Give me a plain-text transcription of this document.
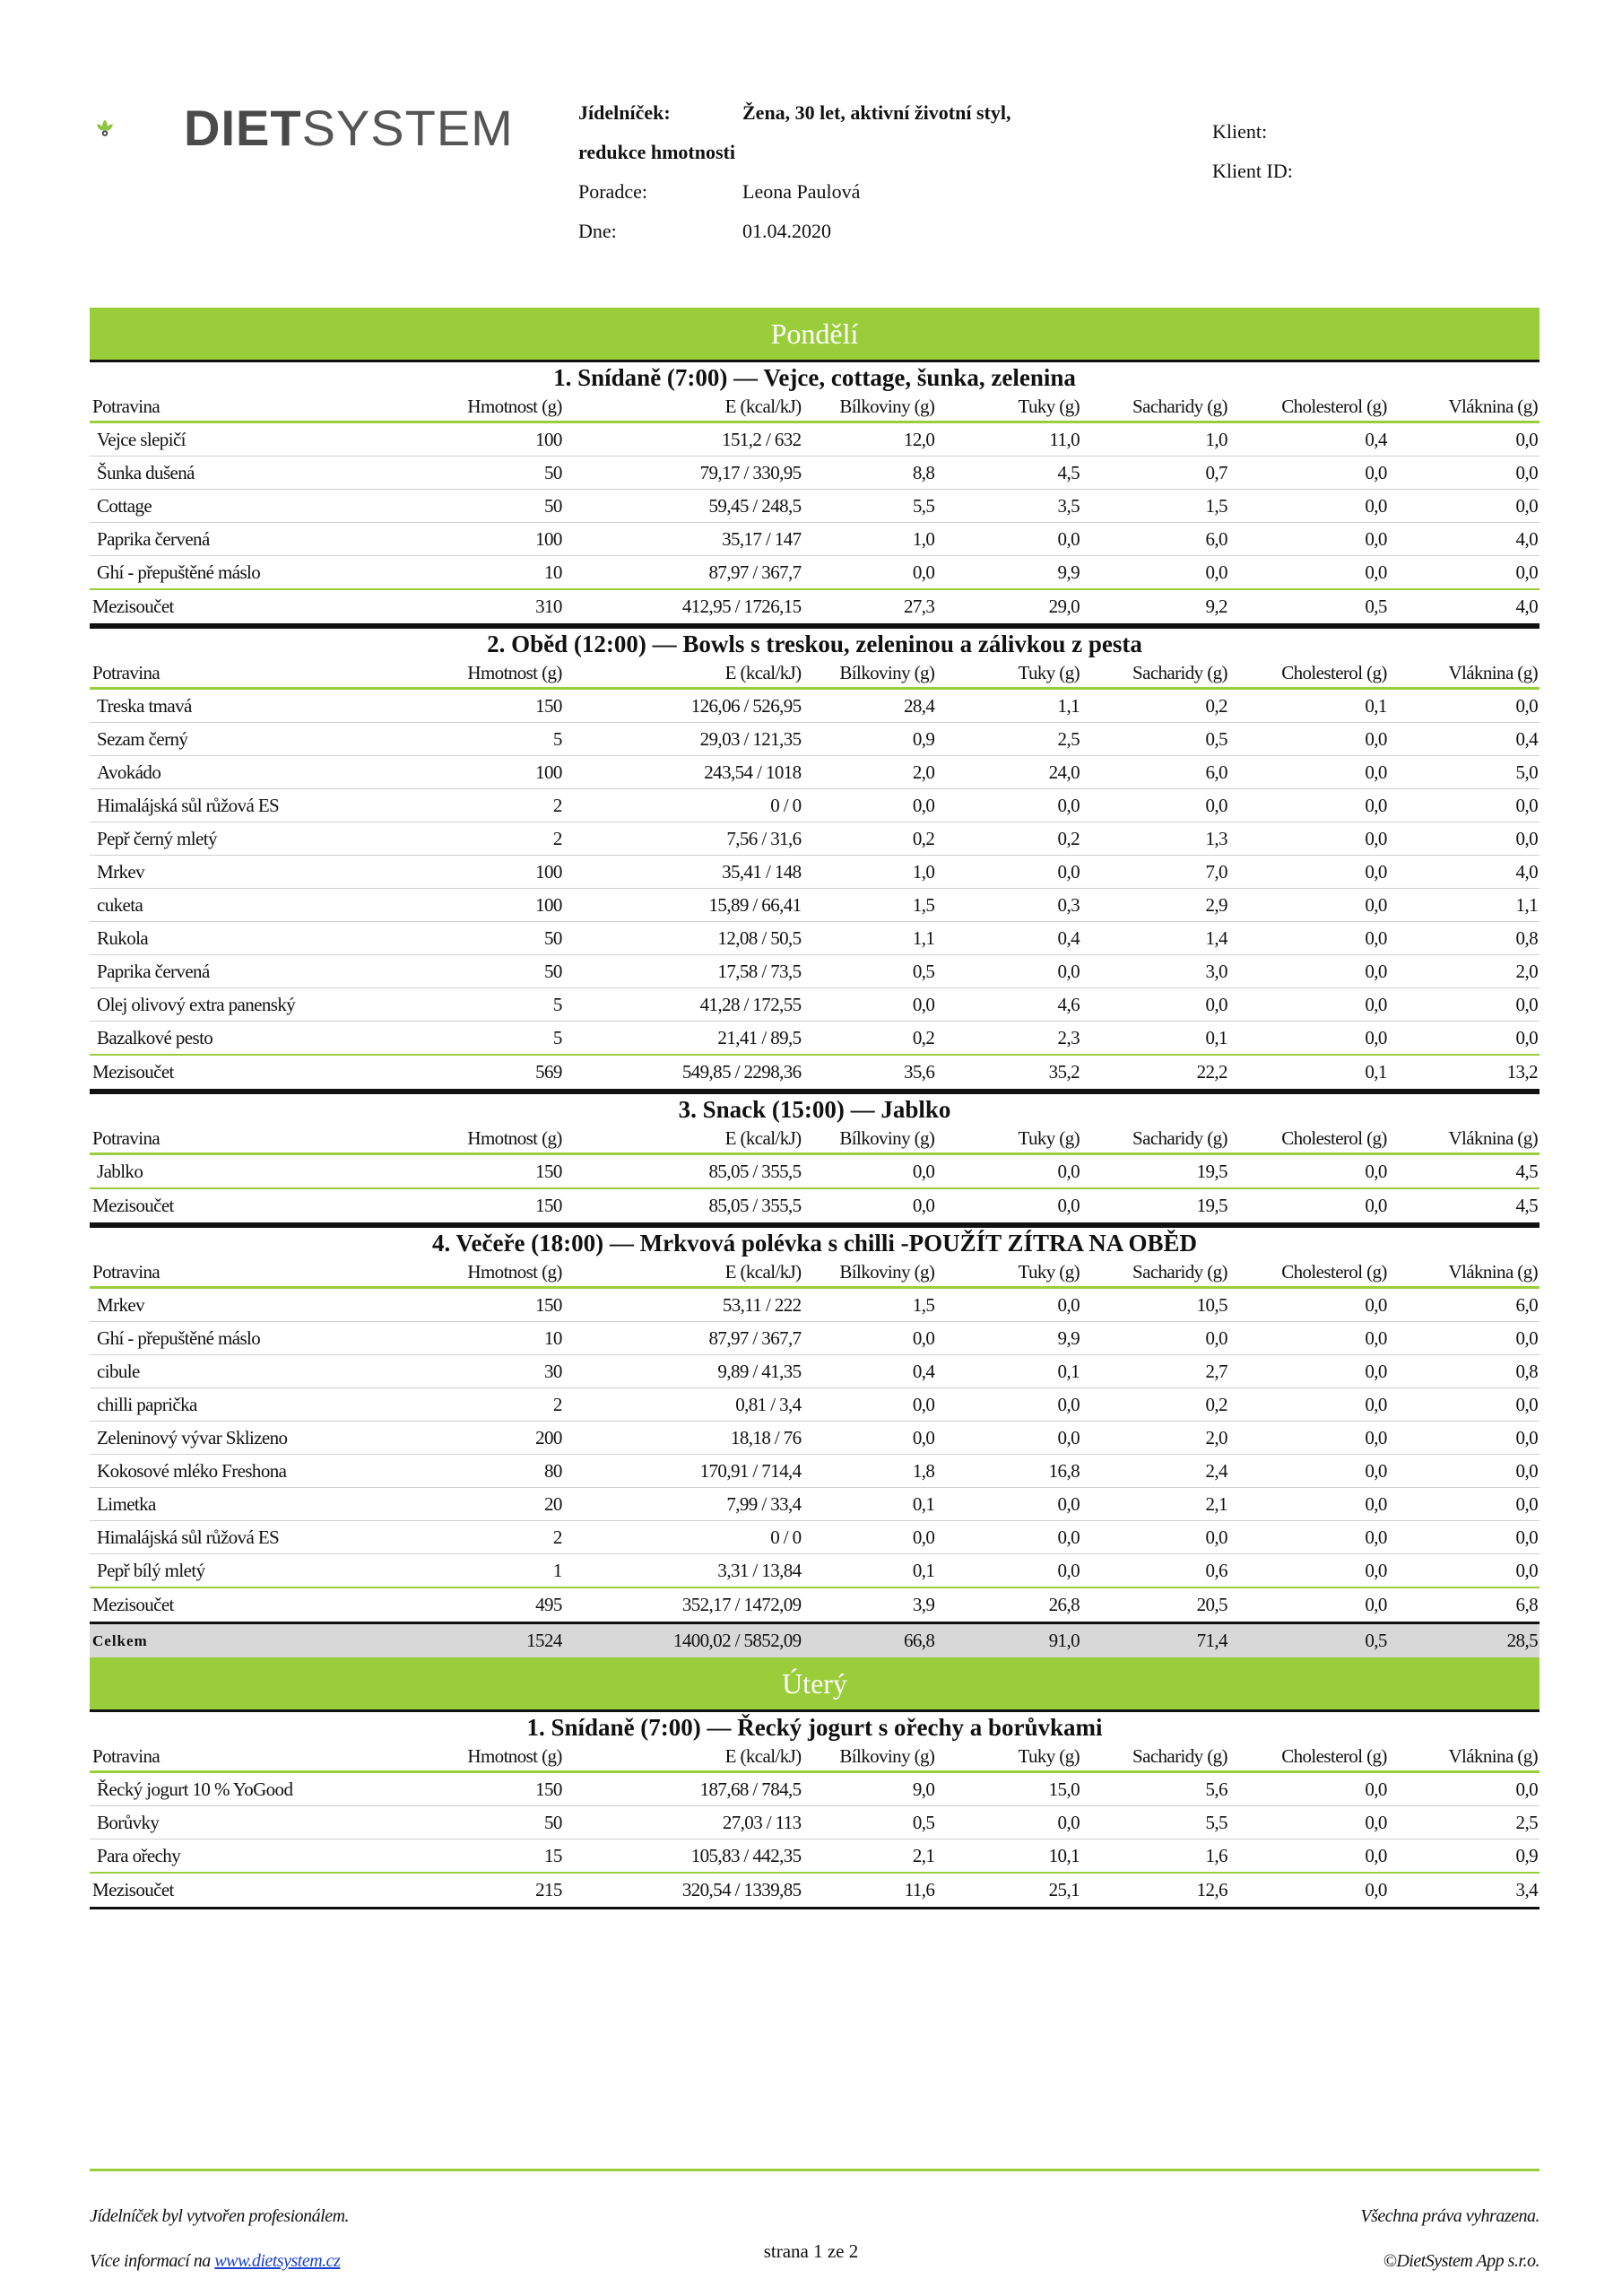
DIETSYSTEM	Jídelníček:	Žena, 30 let, aktivní životní styl,
redukce hmotnosti
Poradce:	Leona Paulová
Dne:	01.04.2020
Klient:
Klient ID:
Pondělí
1. Snídaně (7:00) — Vejce, cottage, šunka, zelenina
Potravina	Hmotnost (g)	E (kcal/kJ)	Bílkoviny (g)	Tuky (g)	Sacharidy (g)	Cholesterol (g)	Vláknina (g)
Vejce slepičí	100	151,2 / 632	12,0	11,0	1,0	0,4	0,0
Šunka dušená	50	79,17 / 330,95	8,8	4,5	0,7	0,0	0,0
Cottage	50	59,45 / 248,5	5,5	3,5	1,5	0,0	0,0
Paprika červená	100	35,17 / 147	1,0	0,0	6,0	0,0	4,0
Ghí - přepuštěné máslo	10	87,97 / 367,7	0,0	9,9	0,0	0,0	0,0
Mezisoučet	310	412,95 / 1726,15	27,3	29,0	9,2	0,5	4,0
2. Oběd (12:00) — Bowls s treskou, zeleninou a zálivkou z pesta
Potravina	Hmotnost (g)	E (kcal/kJ)	Bílkoviny (g)	Tuky (g)	Sacharidy (g)	Cholesterol (g)	Vláknina (g)
Treska tmavá	150	126,06 / 526,95	28,4	1,1	0,2	0,1	0,0
Sezam černý	5	29,03 / 121,35	0,9	2,5	0,5	0,0	0,4
Avokádo	100	243,54 / 1018	2,0	24,0	6,0	0,0	5,0
Himalájská sůl růžová ES	2	0 / 0	0,0	0,0	0,0	0,0	0,0
Pepř černý mletý	2	7,56 / 31,6	0,2	0,2	1,3	0,0	0,0
Mrkev	100	35,41 / 148	1,0	0,0	7,0	0,0	4,0
cuketa	100	15,89 / 66,41	1,5	0,3	2,9	0,0	1,1
Rukola	50	12,08 / 50,5	1,1	0,4	1,4	0,0	0,8
Paprika červená	50	17,58 / 73,5	0,5	0,0	3,0	0,0	2,0
Olej olivový extra panenský	5	41,28 / 172,55	0,0	4,6	0,0	0,0	0,0
Bazalkové pesto	5	21,41 / 89,5	0,2	2,3	0,1	0,0	0,0
Mezisoučet	569	549,85 / 2298,36	35,6	35,2	22,2	0,1	13,2
3. Snack (15:00) — Jablko
Potravina	Hmotnost (g)	E (kcal/kJ)	Bílkoviny (g)	Tuky (g)	Sacharidy (g)	Cholesterol (g)	Vláknina (g)
Jablko	150	85,05 / 355,5	0,0	0,0	19,5	0,0	4,5
Mezisoučet	150	85,05 / 355,5	0,0	0,0	19,5	0,0	4,5
4. Večeře (18:00) — Mrkvová polévka s chilli -POUŽÍT ZÍTRA NA OBĚD
Potravina	Hmotnost (g)	E (kcal/kJ)	Bílkoviny (g)	Tuky (g)	Sacharidy (g)	Cholesterol (g)	Vláknina (g)
Mrkev	150	53,11 / 222	1,5	0,0	10,5	0,0	6,0
Ghí - přepuštěné máslo	10	87,97 / 367,7	0,0	9,9	0,0	0,0	0,0
cibule	30	9,89 / 41,35	0,4	0,1	2,7	0,0	0,8
chilli paprička	2	0,81 / 3,4	0,0	0,0	0,2	0,0	0,0
Zeleninový vývar Sklizeno	200	18,18 / 76	0,0	0,0	2,0	0,0	0,0
Kokosové mléko Freshona	80	170,91 / 714,4	1,8	16,8	2,4	0,0	0,0
Limetka	20	7,99 / 33,4	0,1	0,0	2,1	0,0	0,0
Himalájská sůl růžová ES	2	0 / 0	0,0	0,0	0,0	0,0	0,0
Pepř bílý mletý	1	3,31 / 13,84	0,1	0,0	0,6	0,0	0,0
Mezisoučet	495	352,17 / 1472,09	3,9	26,8	20,5	0,0	6,8
Celkem	1524	1400,02 / 5852,09	66,8	91,0	71,4	0,5	28,5
Úterý
1. Snídaně (7:00) — Řecký jogurt s ořechy a borůvkami
Potravina	Hmotnost (g)	E (kcal/kJ)	Bílkoviny (g)	Tuky (g)	Sacharidy (g)	Cholesterol (g)	Vláknina (g)
Řecký jogurt 10 % YoGood	150	187,68 / 784,5	9,0	15,0	5,6	0,0	0,0
Borůvky	50	27,03 / 113	0,5	0,0	5,5	0,0	2,5
Para ořechy	15	105,83 / 442,35	2,1	10,1	1,6	0,0	0,9
Mezisoučet	215	320,54 / 1339,85	11,6	25,1	12,6	0,0	3,4
Jídelníček byl vytvořen profesionálem.
Více informací na www.dietsystem.cz	strana 1 ze 2
Všechna práva vyhrazena.
©DietSystem App s.r.o.
